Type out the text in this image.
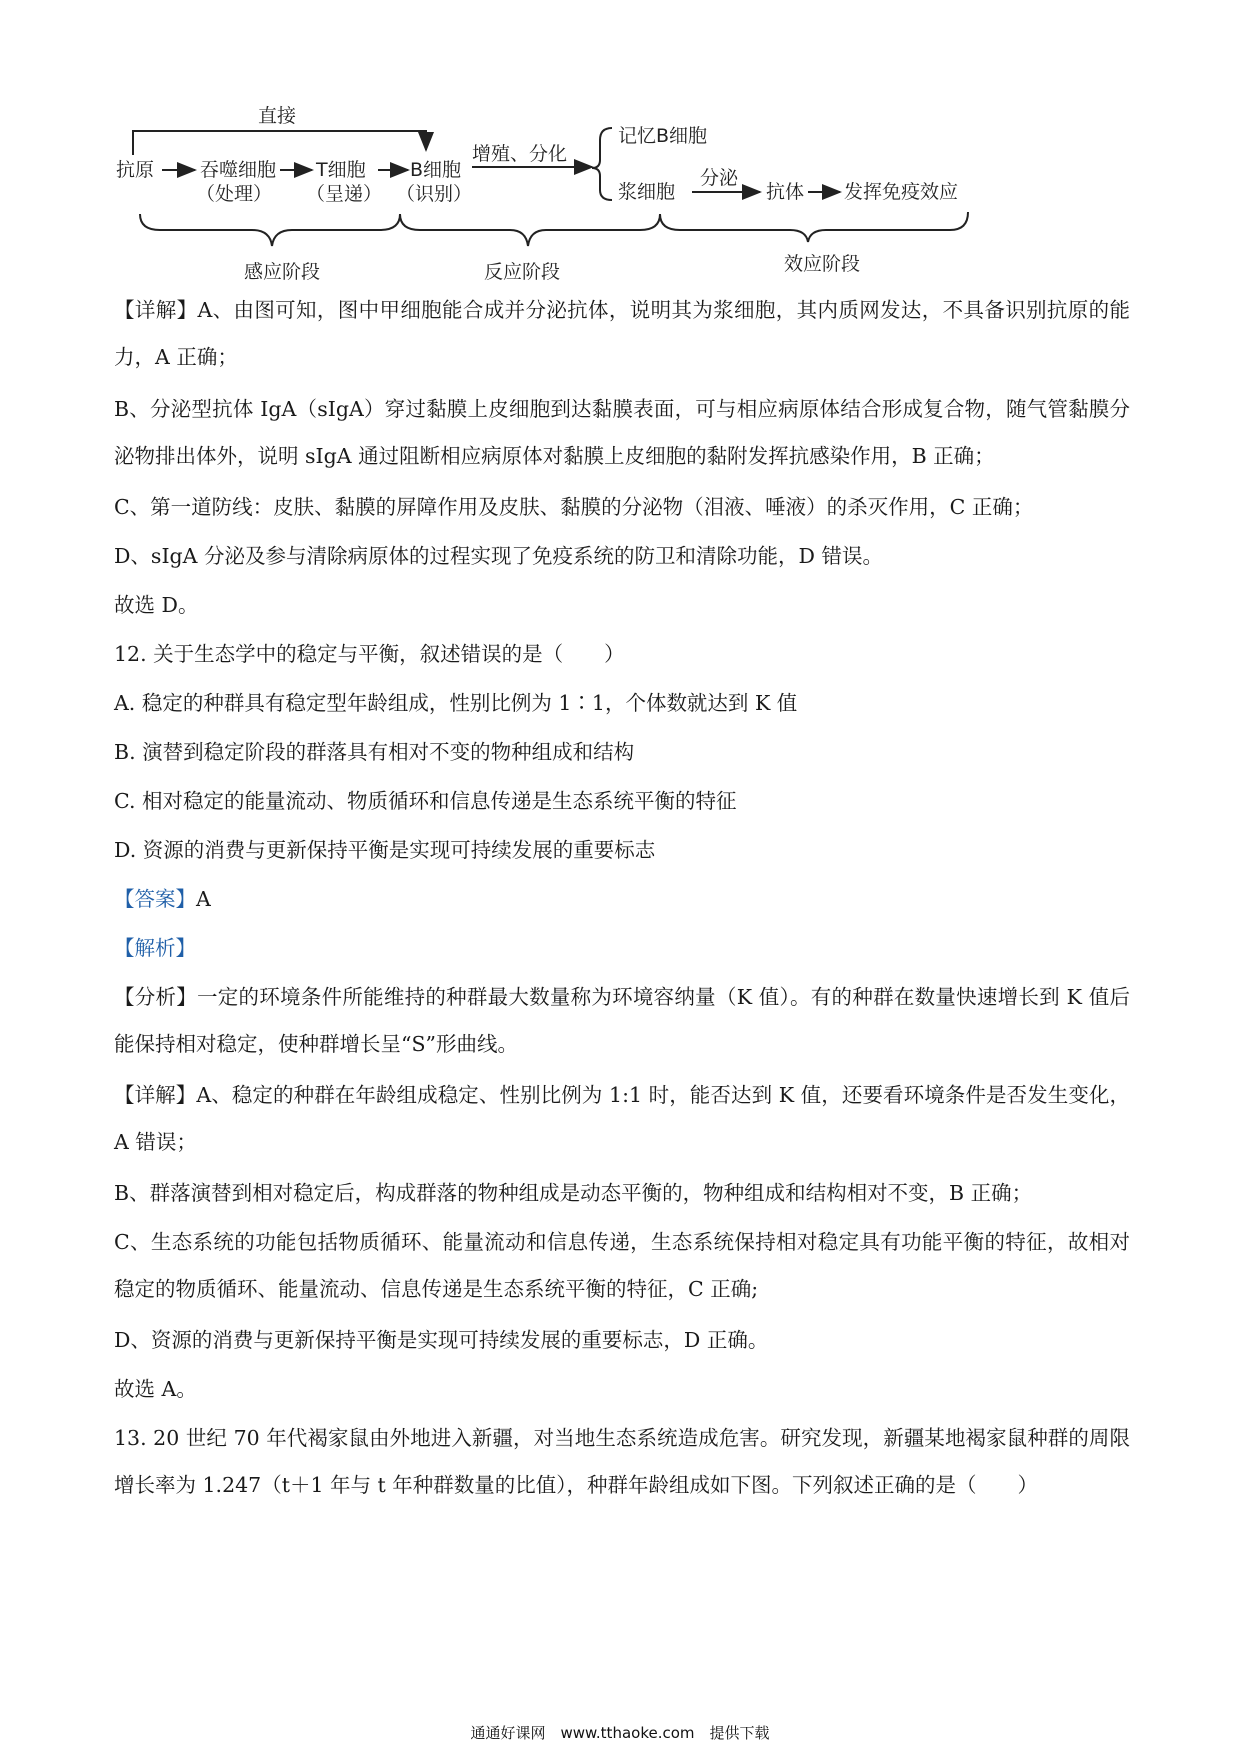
直接
抗原 吞噬细胞
（处理）
T细胞
（呈递）
B细胞
（识别）
增殖、分化
记忆B细胞
浆细胞
分泌
抗体 发挥免疫效应
感应阶段	反应阶段	效应阶段

【详解】A、由图可知，图中甲细胞能合成并分泌抗体，说明其为浆细胞，其内质网发达，不具备识别抗原的能力，A 正确；

B、分泌型抗体 IgA（sIgA）穿过黏膜上皮细胞到达黏膜表面，可与相应病原体结合形成复合物，随气管黏膜分泌物排出体外，说明 sIgA 通过阻断相应病原体对黏膜上皮细胞的黏附发挥抗感染作用，B 正确；

C、第一道防线：皮肤、黏膜的屏障作用及皮肤、黏膜的分泌物（泪液、唾液）的杀灭作用，C 正确；

D、sIgA 分泌及参与清除病原体的过程实现了免疫系统的防卫和清除功能，D 错误。

故选 D。

12. 关于生态学中的稳定与平衡，叙述错误的是（　　）

A. 稳定的种群具有稳定型年龄组成，性别比例为 1∶1，个体数就达到 K 值

B. 演替到稳定阶段的群落具有相对不变的物种组成和结构

C. 相对稳定的能量流动、物质循环和信息传递是生态系统平衡的特征

D. 资源的消费与更新保持平衡是实现可持续发展的重要标志

【答案】A

【解析】

【分析】一定的环境条件所能维持的种群最大数量称为环境容纳量（K 值）。有的种群在数量快速增长到 K 值后能保持相对稳定，使种群增长呈“S”形曲线。

【详解】A、稳定的种群在年龄组成稳定、性别比例为 1:1 时，能否达到 K 值，还要看环境条件是否发生变化，A 错误；

B、群落演替到相对稳定后，构成群落的物种组成是动态平衡的，物种组成和结构相对不变，B 正确；

C、生态系统的功能包括物质循环、能量流动和信息传递，生态系统保持相对稳定具有功能平衡的特征，故相对稳定的物质循环、能量流动、信息传递是生态系统平衡的特征，C 正确;

D、资源的消费与更新保持平衡是实现可持续发展的重要标志，D 正确。

故选 A。

13. 20 世纪 70 年代褐家鼠由外地进入新疆，对当地生态系统造成危害。研究发现，新疆某地褐家鼠种群的周限增长率为 1.247（t＋1 年与 t 年种群数量的比值），种群年龄组成如下图。下列叙述正确的是（　　）

通通好课网　www.tthaoke.com　提供下载
